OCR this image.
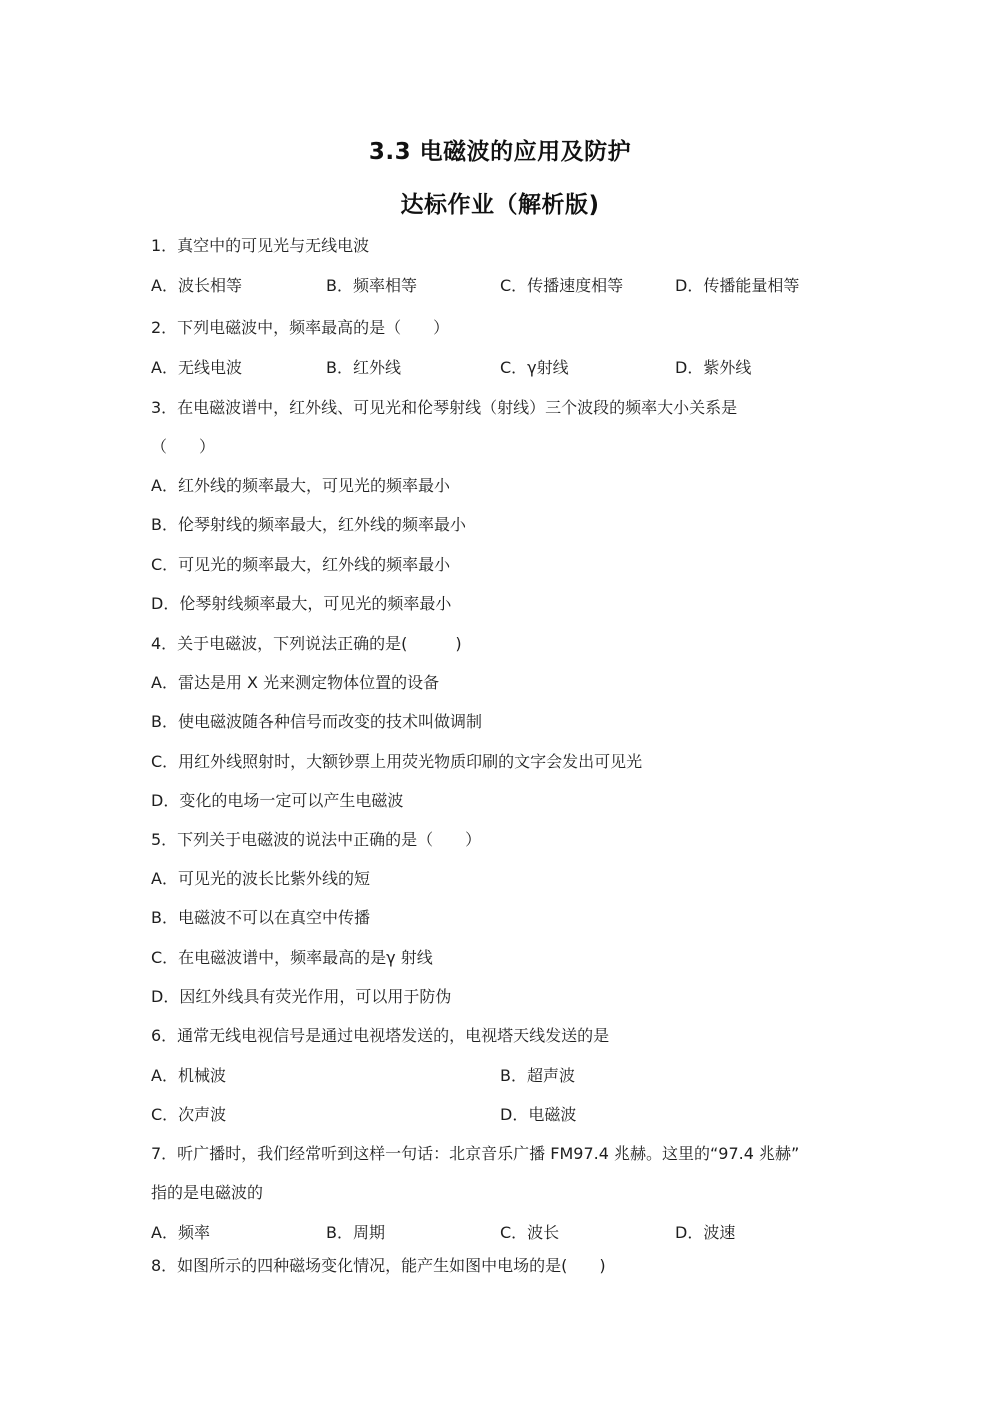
3.3 电磁波的应用及防护
达标作业（解析版)
1．真空中的可见光与无线电波
A．波长相等	B．频率相等	C．传播速度相等	D．传播能量相等
2．下列电磁波中，频率最高的是（　　）
A．无线电波	B．红外线	C．γ射线	D．紫外线
3．在电磁波谱中，红外线、可见光和伦琴射线（射线）三个波段的频率大小关系是
（　　）
A．红外线的频率最大，可见光的频率最小
B．伦琴射线的频率最大，红外线的频率最小
C．可见光的频率最大，红外线的频率最小
D．伦琴射线频率最大，可见光的频率最小
4．关于电磁波，下列说法正确的是(　　　)
A．雷达是用 X 光来测定物体位置的设备
B．使电磁波随各种信号而改变的技术叫做调制
C．用红外线照射时，大额钞票上用荧光物质印刷的文字会发出可见光
D．变化的电场一定可以产生电磁波
5．下列关于电磁波的说法中正确的是（　　）
A．可见光的波长比紫外线的短
B．电磁波不可以在真空中传播
C．在电磁波谱中，频率最高的是γ 射线
D．因红外线具有荧光作用，可以用于防伪
6．通常无线电视信号是通过电视塔发送的，电视塔天线发送的是
A．机械波	B．超声波
C．次声波	D．电磁波
7．听广播时，我们经常听到这样一句话：北京音乐广播 FM97.4 兆赫。这里的“97.4 兆赫”
指的是电磁波的
A．频率	B．周期	C．波长	D．波速
8．如图所示的四种磁场变化情况，能产生如图中电场的是(　　)
